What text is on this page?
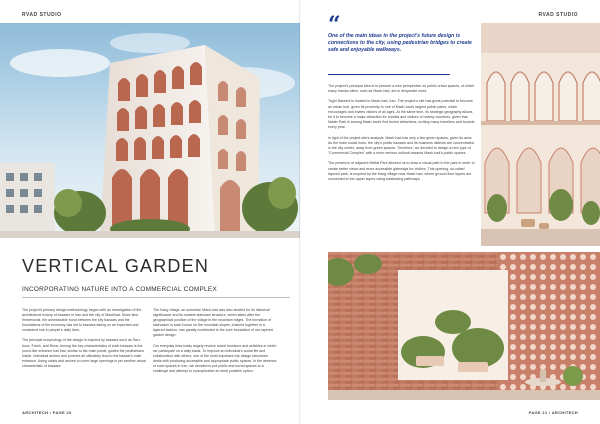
RVAD STUDIO
VERTICAL GARDEN
INCORPORATING NATURE INTO A COMMERCIAL COMPLEX

The project's primary design methodology began with an investigation of the architectural history of bazaars in Iran and the city of Mashhad. Since time immemorial, the unbreakable bond between the city bazaars and the foundations of the economy has led to bazaars taking on an important and consistent role in people's daily lives.

The principal morphology of the design is inspired by bazaars such as Sar-i-bouz, Farsh, and Reza. Among the key characteristics of such bazaars is the porch-like entrance hall that, similar to the main portal, guides the pedestrians inside. Individual arches and porches all ultimately lead to the bazaar's main entrance. Using vaults and arches to cover large openings is yet another visual characteristic of bazaars.

The Kang village, an suburban Mash-had was also studied for its historical significance and its notable staircase structure, which takes after the geographical position of the village in the mountain ridges. The formation of staircases in each house on the mountain slopes, chained together in a layered fashion, has greatly contributed to the core foundation of our layered garden design.

Our everyday lives today largely revolve social functions and activities in which we participate on a daily basis. To improve an individual's social life and collaboration with others, one of the most important city design structures deals with producing accessible and appropriate public spaces. In the absence of such spaces in Iran, we decided to put public and social spaces to a challenge and attempt to conceptualize an ideal possible option.

ARCHITECH • PAGE 20
RVAD STUDIO
“
One of the main ideas in the project's future design is connections to the city, using pedestrian bridges to create safe and enjoyable walkways.

The project's principal idea is to present a new perspective on public urban spaces, of which many Iranian cities, such as Mash-had, are in desperate need.

Toghi Bakeshi is located in Mash-had, Iran. The project's site has great potential to become an urban hub, given its proximity to one of Mash-had's largest public parks, which encourages and invites visitors of all ages. At the same time, its strategic geography allows for it to become a major attraction for tourists and visitors of nearby countries, given that Nader Park is among Mash-had's first tourist attractions, inviting many travellers and tourists every year.

In light of the project site's analysis, Mash-had has only a few green spaces, given its area. As the main social hubs, the city's public bazaars and its business districts are concentrated in the city center, away from green spaces. Therefore, we decided to design a new type of "Commercial Complex" with a more serious outlook towards Mash-had's public spaces.

The presence of adjacent Mellat Park allowed us to draw a visual path to the park in order to create better views and more accessible gateways for visitors. This opening, so-called layered park, is inspired by the Kang village near Mash-had, where ground floor layers are connected to the upper layers using swallowing pathways.

PAGE 21 • ARCHITECH
